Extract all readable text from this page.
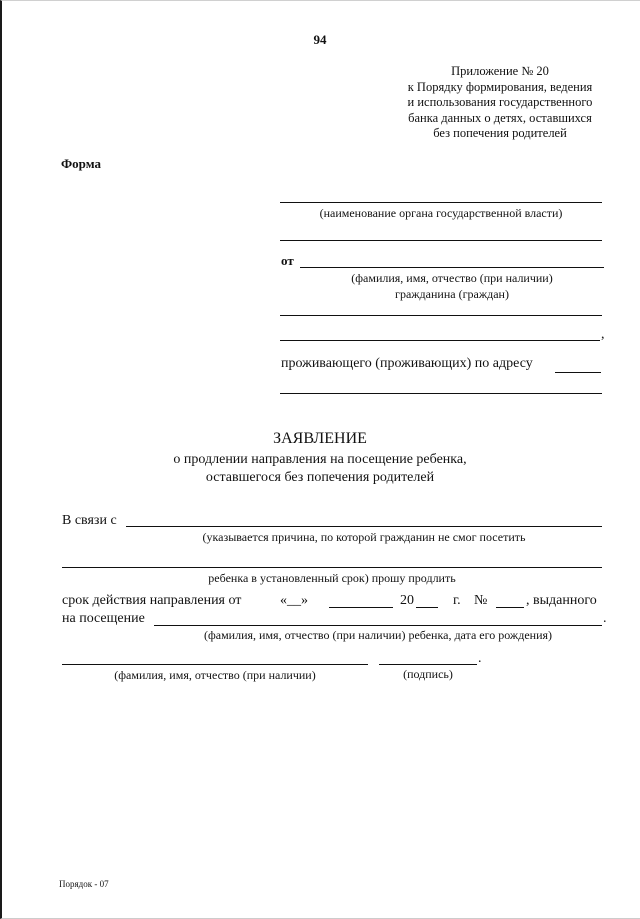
94
Приложение № 20
к Порядку формирования, ведения
и использования государственного
банка данных о детях, оставшихся
без попечения родителей
Форма
(наименование органа государственной власти)
от
(фамилия, имя, отчество (при наличии)
гражданина (граждан)
,
проживающего (проживающих) по адресу
ЗАЯВЛЕНИЕ
о продлении направления на посещение ребенка,
оставшегося без попечения родителей
В связи с
(указывается причина, по которой гражданин не смог посетить
ребенка в установленный срок) прошу продлить
срок действия направления от	«__»	20	г. №	, выданного
на посещение	.
(фамилия, имя, отчество (при наличии) ребенка, дата его рождения)
.
(фамилия, имя, отчество (при наличии)	(подпись)
Порядок - 07
